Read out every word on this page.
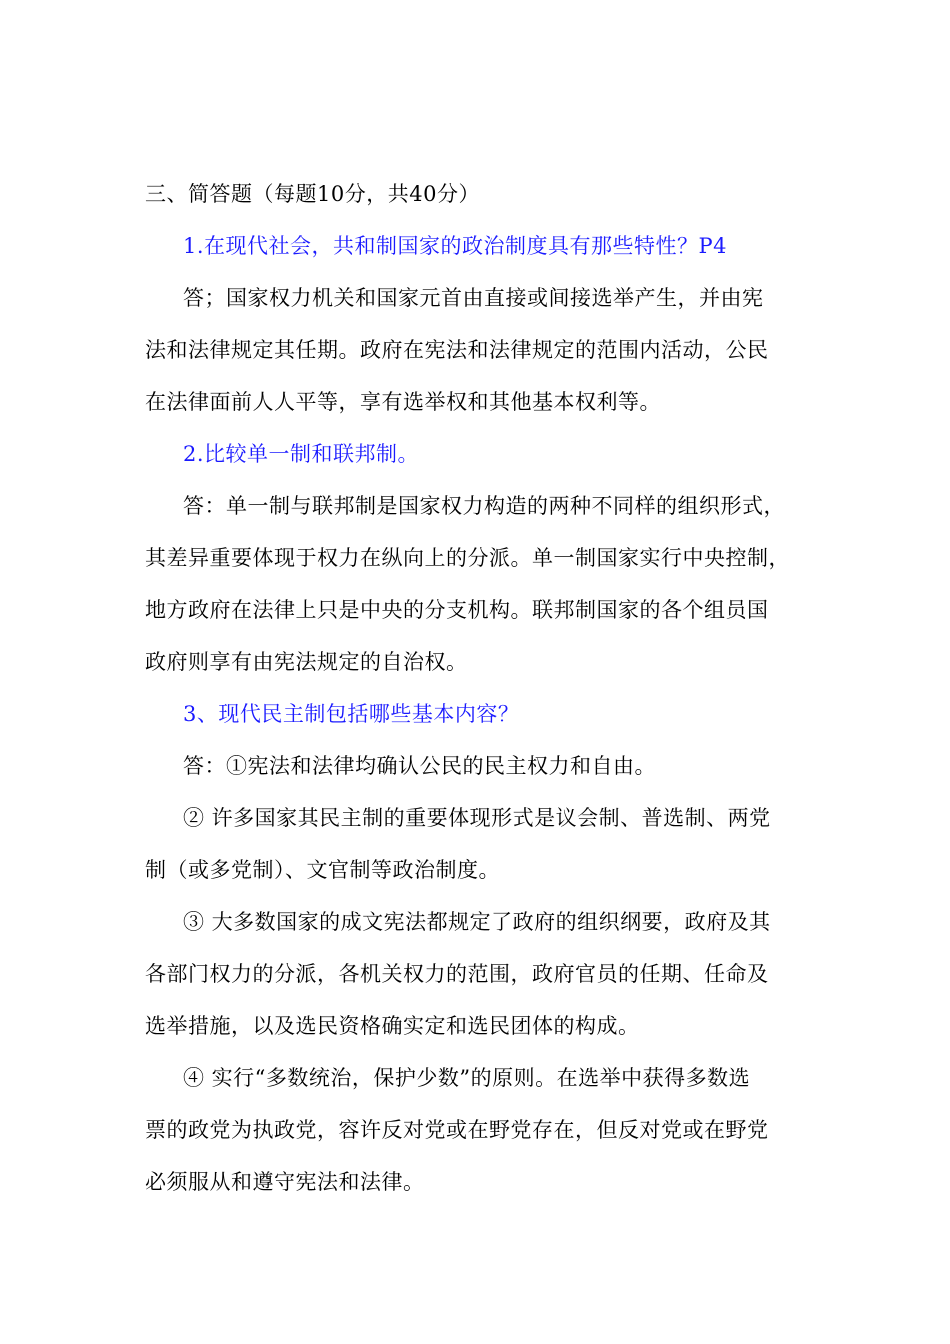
三、简答题（每题10分，共40分）
1.在现代社会，共和制国家的政治制度具有那些特性？P4
答；国家权力机关和国家元首由直接或间接选举产生，并由宪
法和法律规定其任期。政府在宪法和法律规定的范围内活动，公民
在法律面前人人平等，享有选举权和其他基本权利等。
2.比较单一制和联邦制。
答：单一制与联邦制是国家权力构造的两种不同样的组织形式，
其差异重要体现于权力在纵向上的分派。单一制国家实行中央控制，
地方政府在法律上只是中央的分支机构。联邦制国家的各个组员国
政府则享有由宪法规定的自治权。
3、现代民主制包括哪些基本内容？
答：①宪法和法律均确认公民的民主权力和自由。
② 许多国家其民主制的重要体现形式是议会制、普选制、两党
制（或多党制）、文官制等政治制度。
③ 大多数国家的成文宪法都规定了政府的组织纲要，政府及其
各部门权力的分派，各机关权力的范围，政府官员的任期、任命及
选举措施，以及选民资格确实定和选民团体的构成。
④ 实行“多数统治，保护少数”的原则。在选举中获得多数选
票的政党为执政党，容许反对党或在野党存在，但反对党或在野党
必须服从和遵守宪法和法律。
